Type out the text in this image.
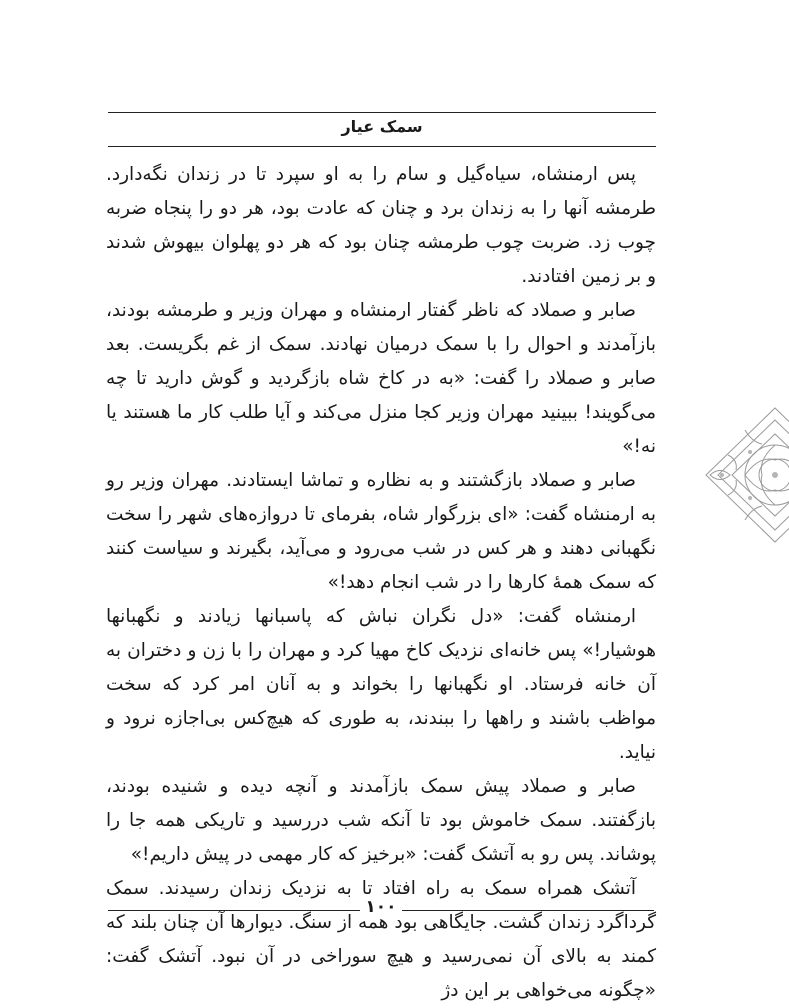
سمک عیار

پس ارمنشاه، سیاه‌گیل و سام را به او سپرد تا در زندان نگه‌دارد. طرمشه آنها را به زندان برد و چنان که عادت بود، هر دو را پنجاه ضربه چوب زد. ضربت چوب طرمشه چنان بود که هر دو پهلوان بیهوش شدند و بر زمین افتادند.

صابر و صملاد که ناظر گفتار ارمنشاه و مهران وزیر و طرمشه بودند، بازآمدند و احوال را با سمک درمیان نهادند. سمک از غم بگریست. بعد صابر و صملاد را گفت: «به در کاخ شاه بازگردید و گوش دارید تا چه می‌گویند! ببینید مهران وزیر کجا منزل می‌کند و آیا طلب کار ما هستند یا نه!»

صابر و صملاد بازگشتند و به نظاره و تماشا ایستادند. مهران وزیر رو به ارمنشاه گفت: «ای بزرگوار شاه، بفرمای تا دروازه‌های شهر را سخت نگهبانی دهند و هر کس در شب می‌رود و می‌آید، بگیرند و سیاست کنند که سمک همهٔ کارها را در شب انجام دهد!»

ارمنشاه گفت: «دل نگران نباش که پاسبانها زیادند و نگهبانها هوشیار!» پس خانه‌ای نزدیک کاخ مهیا کرد و مهران را با زن و دختران به آن خانه فرستاد. او نگهبانها را بخواند و به آنان امر کرد که سخت مواظب باشند و راهها را ببندند، به طوری که هیچ‌کس بی‌اجازه نرود و نیاید.

صابر و صملاد پیش سمک بازآمدند و آنچه دیده و شنیده بودند، بازگفتند. سمک خاموش بود تا آنکه شب دررسید و تاریکی همه جا را پوشاند. پس رو به آتشک گفت: «برخیز که کار مهمی در پیش داریم!»

آتشک همراه سمک به راه افتاد تا به نزدیک زندان رسیدند. سمک گرداگرد زندان گشت. جایگاهی بود همه از سنگ. دیوارها آن چنان بلند که کمند به بالای آن نمی‌رسید و هیچ سوراخی در آن نبود. آتشک گفت: «چگونه می‌خواهی بر این دژ

۱۰۰
